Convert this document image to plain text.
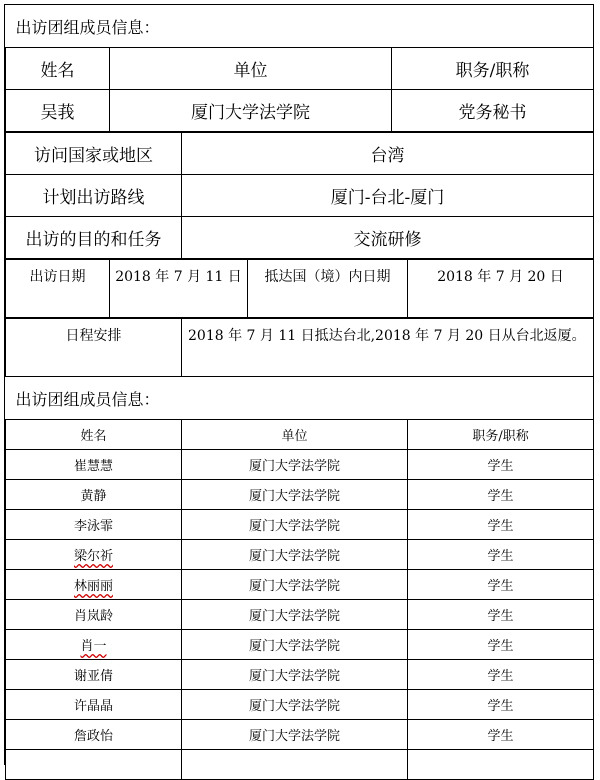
出访团组成员信息：		
姓名	单位	职务/职称
吴莪	厦门大学法学院	党务秘书
访问国家或地区	台湾
计划出访路线	厦门-台北-厦门
出访的目的和任务	交流研修
出访日期	2018 年 7 月 11 日	抵达国（境）内日期	2018 年 7 月 20 日
日程安排	2018 年 7 月 11 日抵达台北,2018 年 7 月 20 日从台北返厦。
出访团组成员信息：		
姓名	单位	职务/职称
崔慧慧	厦门大学法学院	学生
黄静	厦门大学法学院	学生
李泳霏	厦门大学法学院	学生
梁尔祈	厦门大学法学院	学生
林丽丽	厦门大学法学院	学生
肖岚龄	厦门大学法学院	学生
肖一	厦门大学法学院	学生
谢亚倩	厦门大学法学院	学生
许晶晶	厦门大学法学院	学生
詹政怡	厦门大学法学院	学生
